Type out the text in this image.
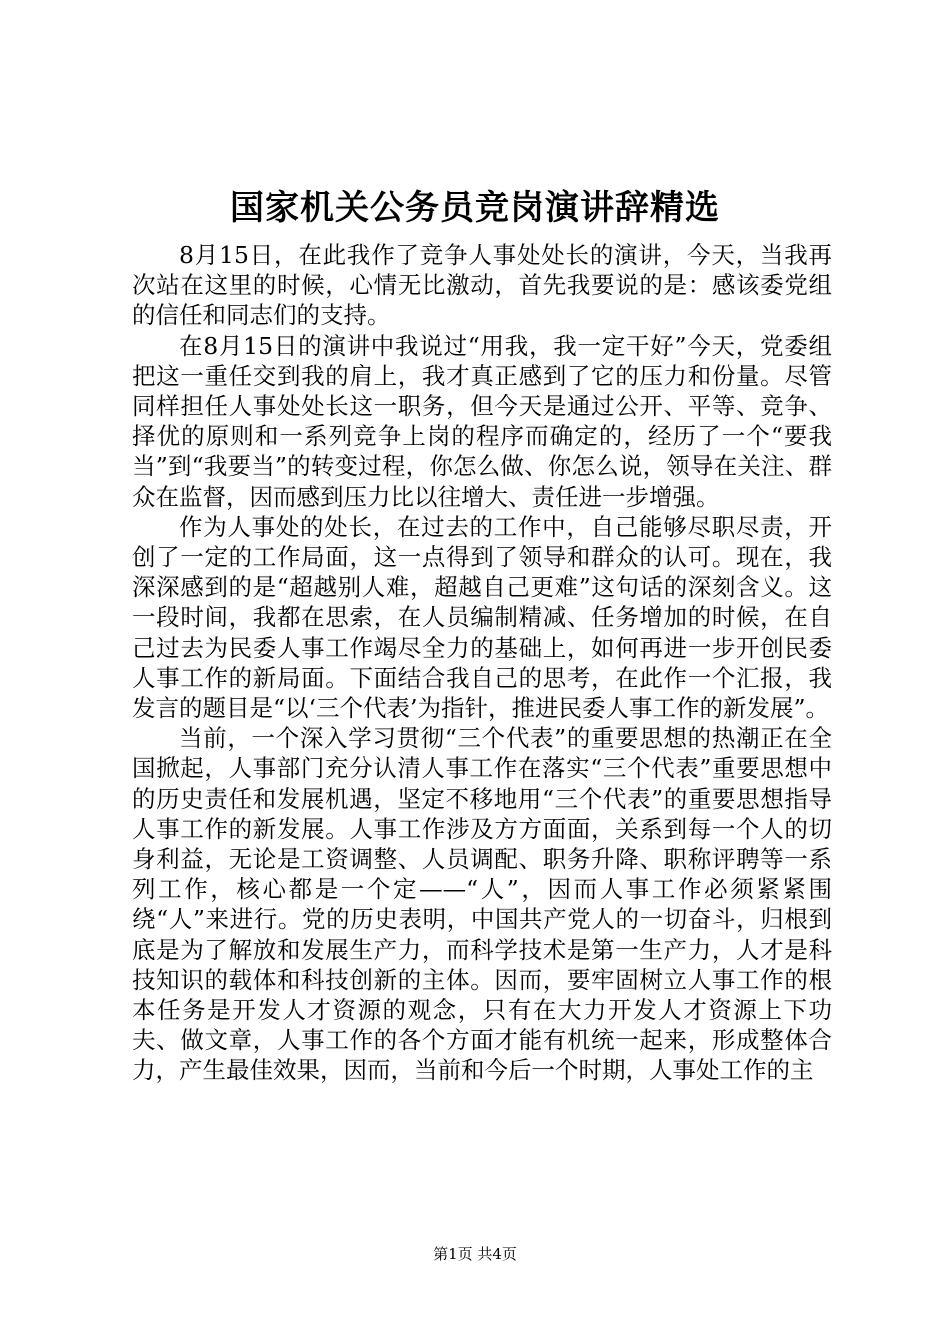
国家机关公务员竞岗演讲辞精选

8月15日，在此我作了竞争人事处处长的演讲，今天，当我再次站在这里的时候，心情无比激动，首先我要说的是：感该委党组的信任和同志们的支持。

在8月15日的演讲中我说过“用我，我一定干好”今天，党委组把这一重任交到我的肩上，我才真正感到了它的压力和份量。尽管同样担任人事处处长这一职务，但今天是通过公开、平等、竞争、择优的原则和一系列竞争上岗的程序而确定的，经历了一个“要我当”到“我要当”的转变过程，你怎么做、你怎么说，领导在关注、群众在监督，因而感到压力比以往增大、责任进一步增强。

作为人事处的处长，在过去的工作中，自己能够尽职尽责，开创了一定的工作局面，这一点得到了领导和群众的认可。现在，我深深感到的是“超越别人难，超越自己更难”这句话的深刻含义。这一段时间，我都在思索，在人员编制精减、任务增加的时候，在自己过去为民委人事工作竭尽全力的基础上，如何再进一步开创民委人事工作的新局面。下面结合我自己的思考，在此作一个汇报，我发言的题目是“以‘三个代表’为指针，推进民委人事工作的新发展”。

当前，一个深入学习贯彻“三个代表”的重要思想的热潮正在全国掀起，人事部门充分认清人事工作在落实“三个代表”重要思想中的历史责任和发展机遇，坚定不移地用“三个代表”的重要思想指导人事工作的新发展。人事工作涉及方方面面，关系到每一个人的切身利益，无论是工资调整、人员调配、职务升降、职称评聘等一系列工作，核心都是一个定——“人”，因而人事工作必须紧紧围绕“人”来进行。党的历史表明，中国共产党人的一切奋斗，归根到底是为了解放和发展生产力，而科学技术是第一生产力，人才是科技知识的载体和科技创新的主体。因而，要牢固树立人事工作的根本任务是开发人才资源的观念，只有在大力开发人才资源上下功夫、做文章，人事工作的各个方面才能有机统一起来，形成整体合力，产生最佳效果，因而，当前和今后一个时期，人事处工作的主

第1页 共4页
